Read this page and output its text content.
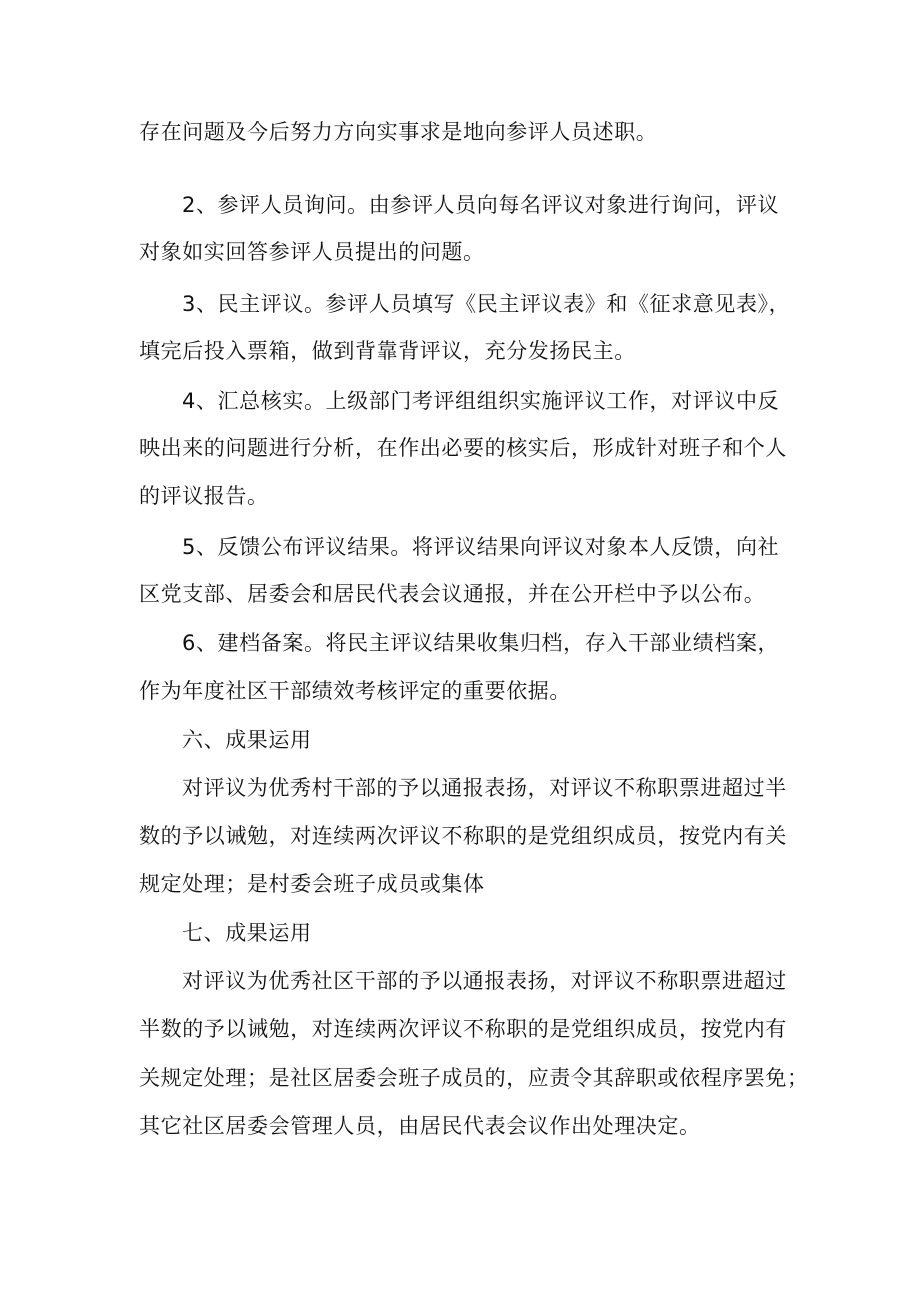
存在问题及今后努力方向实事求是地向参评人员述职。
2、参评人员询问。由参评人员向每名评议对象进行询问，评议
对象如实回答参评人员提出的问题。
3、民主评议。参评人员填写《民主评议表》和《征求意见表》，
填完后投入票箱，做到背靠背评议，充分发扬民主。
4、汇总核实。上级部门考评组组织实施评议工作，对评议中反
映出来的问题进行分析，在作出必要的核实后，形成针对班子和个人
的评议报告。
5、反馈公布评议结果。将评议结果向评议对象本人反馈，向社
区党支部、居委会和居民代表会议通报，并在公开栏中予以公布。
6、建档备案。将民主评议结果收集归档，存入干部业绩档案，
作为年度社区干部绩效考核评定的重要依据。
六、成果运用
对评议为优秀村干部的予以通报表扬，对评议不称职票进超过半
数的予以诫勉，对连续两次评议不称职的是党组织成员，按党内有关
规定处理；是村委会班子成员或集体
七、成果运用
对评议为优秀社区干部的予以通报表扬，对评议不称职票进超过
半数的予以诫勉，对连续两次评议不称职的是党组织成员，按党内有
关规定处理；是社区居委会班子成员的，应责令其辞职或依程序罢免；
其它社区居委会管理人员，由居民代表会议作出处理决定。
